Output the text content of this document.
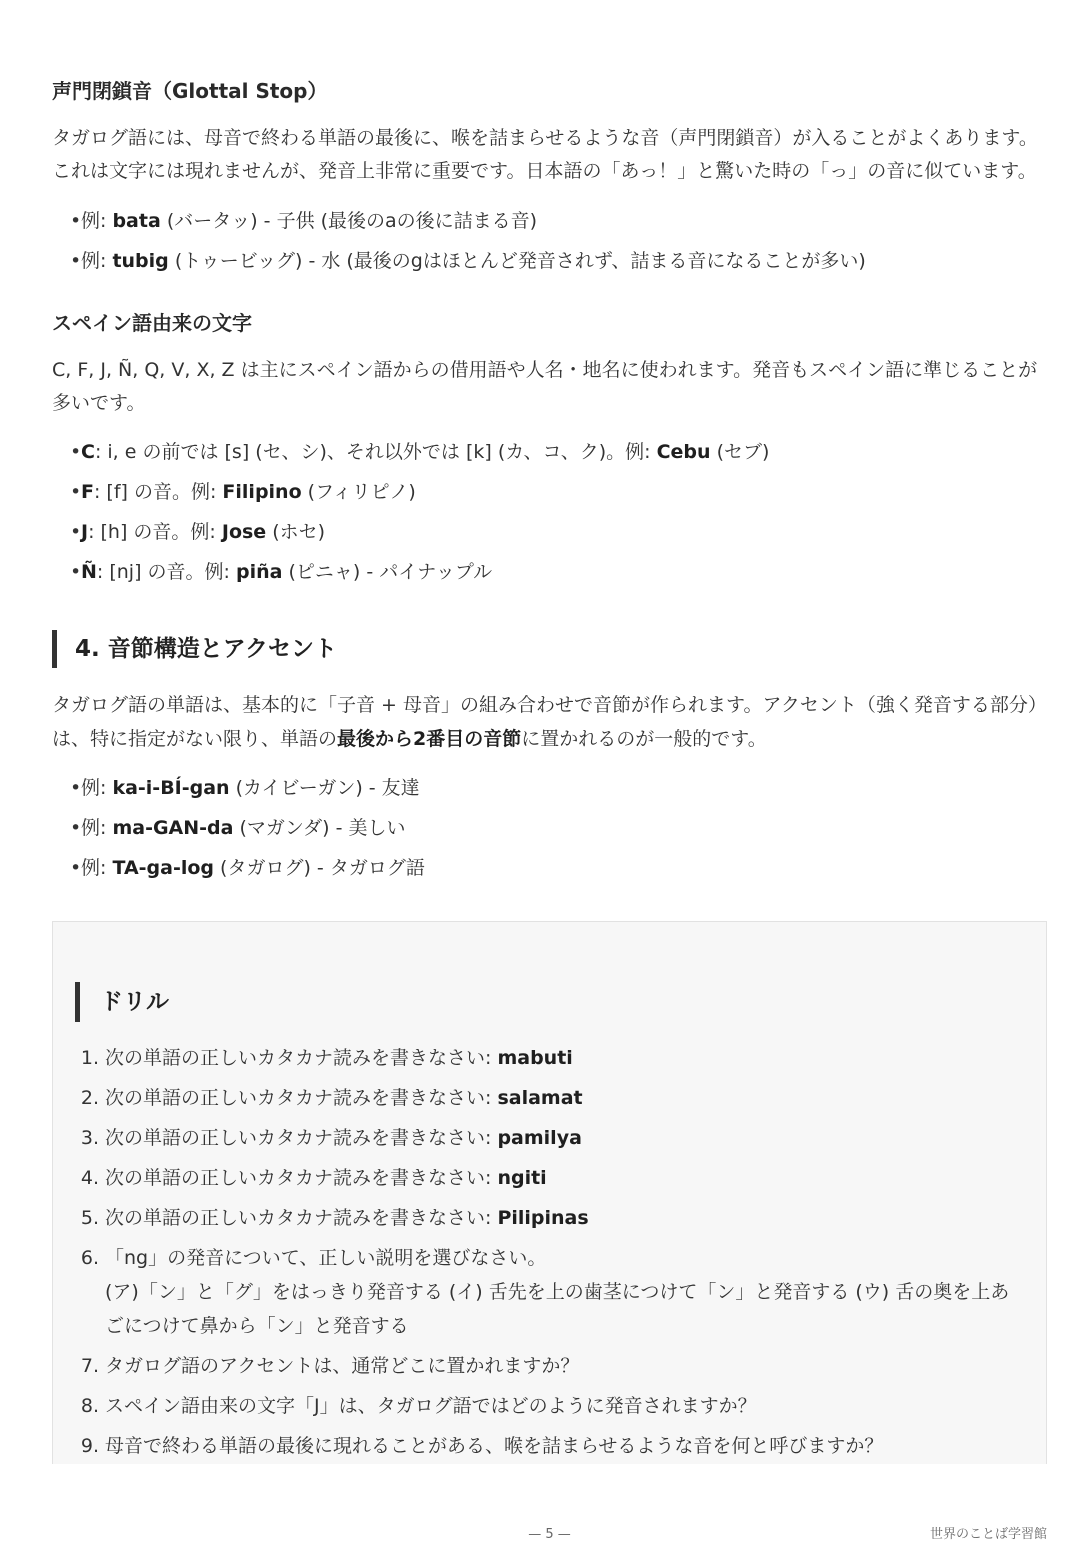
声門閉鎖音（Glottal Stop）

タガログ語には、母音で終わる単語の最後に、喉を詰まらせるような音（声門閉鎖音）が入ることがよくあります。これは文字には現れませんが、発音上非常に重要です。日本語の「あっ！」と驚いた時の「っ」の音に似ています。

• 例: bata (バータッ) - 子供 (最後のaの後に詰まる音)
• 例: tubig (トゥービッグ) - 水 (最後のgはほとんど発音されず、詰まる音になることが多い)
スペイン語由来の文字

C, F, J, Ñ, Q, V, X, Z は主にスペイン語からの借用語や人名・地名に使われます。発音もスペイン語に準じることが多いです。

• C: i, e の前では [s] (セ、シ)、それ以外では [k] (カ、コ、ク)。例: Cebu (セブ)
• F: [f] の音。例: Filipino (フィリピノ)
• J: [h] の音。例: Jose (ホセ)
• Ñ: [nj] の音。例: piña (ピニャ) - パイナップル
4. 音節構造とアクセント

タガログ語の単語は、基本的に「子音 + 母音」の組み合わせで音節が作られます。アクセント（強く発音する部分）は、特に指定がない限り、単語の最後から2番目の音節に置かれるのが一般的です。

• 例: ka-i-BÍ-gan (カイビーガン) - 友達
• 例: ma-GAN-da (マガンダ) - 美しい
• 例: TA-ga-log (タガログ) - タガログ語
ドリル
1. 次の単語の正しいカタカナ読みを書きなさい: mabuti
2. 次の単語の正しいカタカナ読みを書きなさい: salamat
3. 次の単語の正しいカタカナ読みを書きなさい: pamilya
4. 次の単語の正しいカタカナ読みを書きなさい: ngiti
5. 次の単語の正しいカタカナ読みを書きなさい: Pilipinas
6. 「ng」の発音について、正しい説明を選びなさい。
(ア)「ン」と「グ」をはっきり発音する (イ) 舌先を上の歯茎につけて「ン」と発音する (ウ) 舌の奥を上あごにつけて鼻から「ン」と発音する
7. タガログ語のアクセントは、通常どこに置かれますか？
8. スペイン語由来の文字「J」は、タガログ語ではどのように発音されますか？
9. 母音で終わる単語の最後に現れることがある、喉を詰まらせるような音を何と呼びますか？
— 5 —	世界のことば学習館
